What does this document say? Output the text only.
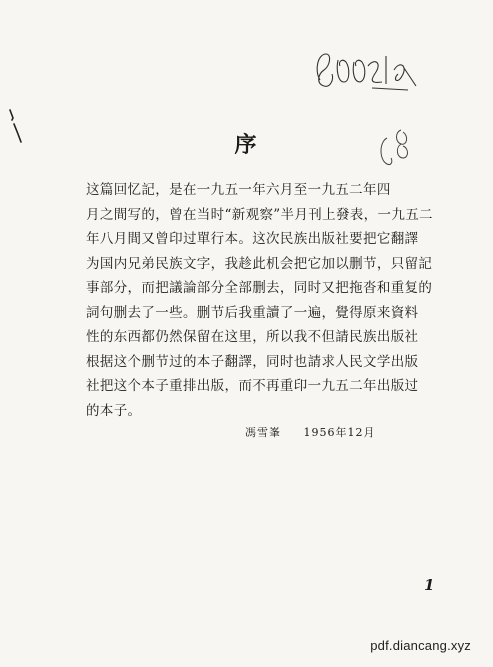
序
这篇回忆記，是在一九五一年六月至一九五二年四
月之間写的，曾在当时“新观察”半月刊上發表，一九五二
年八月間又曾印过單行本。这次民族出版社要把它翻譯
为国内兄弟民族文字，我趁此机会把它加以删节，只留記
事部分，而把議論部分全部删去，同时又把拖沓和重复的
詞句删去了一些。删节后我重讀了一遍，覺得原来資料
性的东西都仍然保留在这里，所以我不但請民族出版社
根据这个删节过的本子翻譯，同时也請求人民文学出版
社把这个本子重排出版，而不再重印一九五二年出版过
的本子。
馮雪峯 1956年12月
1
pdf.diancang.xyz
